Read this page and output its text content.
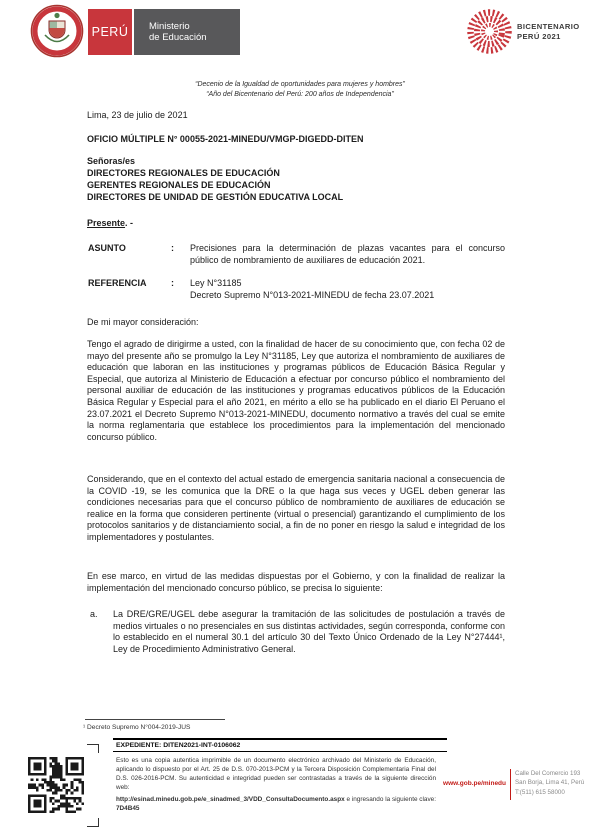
PERÚ Ministerio
de Educación
BICENTENARIO
PERÚ 2021
“Decenio de la Igualdad de oportunidades para mujeres y hombres”
“Año del Bicentenario del Perú: 200 años de Independencia”
Lima, 23 de julio de 2021
OFICIO MÚLTIPLE N° 00055-2021-MINEDU/VMGP-DIGEDD-DITEN
Señoras/es
DIRECTORES REGIONALES DE EDUCACIÓN
GERENTES REGIONALES DE EDUCACIÓN
DIRECTORES DE UNIDAD DE GESTIÓN EDUCATIVA LOCAL
Presente. -
ASUNTO	: Precisiones para la determinación de plazas vacantes para el concurso público de nombramiento de auxiliares de educación 2021.
REFERENCIA	: Ley N°31185
Decreto Supremo N°013-2021-MINEDU de fecha 23.07.2021
De mi mayor consideración:
Tengo el agrado de dirigirme a usted, con la finalidad de hacer de su conocimiento que, con fecha 02 de mayo del presente año se promulgo la Ley N°31185, Ley que autoriza el nombramiento de auxiliares de educación que laboran en las instituciones y programas públicos de Educación Básica Regular y Especial, que autoriza al Ministerio de Educación a efectuar por concurso público el nombramiento del personal auxiliar de educación de las instituciones y programas educativos públicos de la Educación Básica Regular y Especial para el año 2021, en mérito a ello se ha publicado en el diario El Peruano el 23.07.2021 el Decreto Supremo N°013-2021-MINEDU, documento normativo a través del cual se emite la norma reglamentaria que establece los procedimientos para la implementación del mencionado concurso público.
Considerando, que en el contexto del actual estado de emergencia sanitaria nacional a consecuencia de la COVID -19, se les comunica que la DRE o la que haga sus veces y UGEL deben generar las condiciones necesarias para que el concurso público de nombramiento de auxiliares de educación se realice en la forma que consideren pertinente (virtual o presencial) garantizando el cumplimiento de los protocolos sanitarios y de distanciamiento social, a fin de no poner en riesgo la salud e integridad de los implementadores y postulantes.
En ese marco, en virtud de las medidas dispuestas por el Gobierno, y con la finalidad de realizar la implementación del mencionado concurso público, se precisa lo siguiente:
a. La DRE/GRE/UGEL debe asegurar la tramitación de las solicitudes de postulación a través de medios virtuales o no presenciales en sus distintas actividades, según corresponda, conforme con lo establecido en el numeral 30.1 del artículo 30 del Texto Único Ordenado de la Ley N°27444¹, Ley de Procedimiento Administrativo General.
¹ Decreto Supremo N°004-2019-JUS
EXPEDIENTE: DITEN2021-INT-0106062
Esto es una copia autentica imprimible de un documento electrónico archivado del Ministerio de Educación, aplicando lo dispuesto por el Art. 25 de D.S. 070-2013-PCM y la Tercera Disposición Complementaria Final del D.S. 026-2016-PCM. Su autenticidad e integridad pueden ser contrastadas a través de la siguiente dirección web:
http://esinad.minedu.gob.pe/e_sinadmed_3/VDD_ConsultaDocumento.aspx e ingresando la siguiente clave: 7D4B45
www.gob.pe/minedu
Calle Del Comercio 193
San Borja, Lima 41, Perú
T:(511) 615 58000
